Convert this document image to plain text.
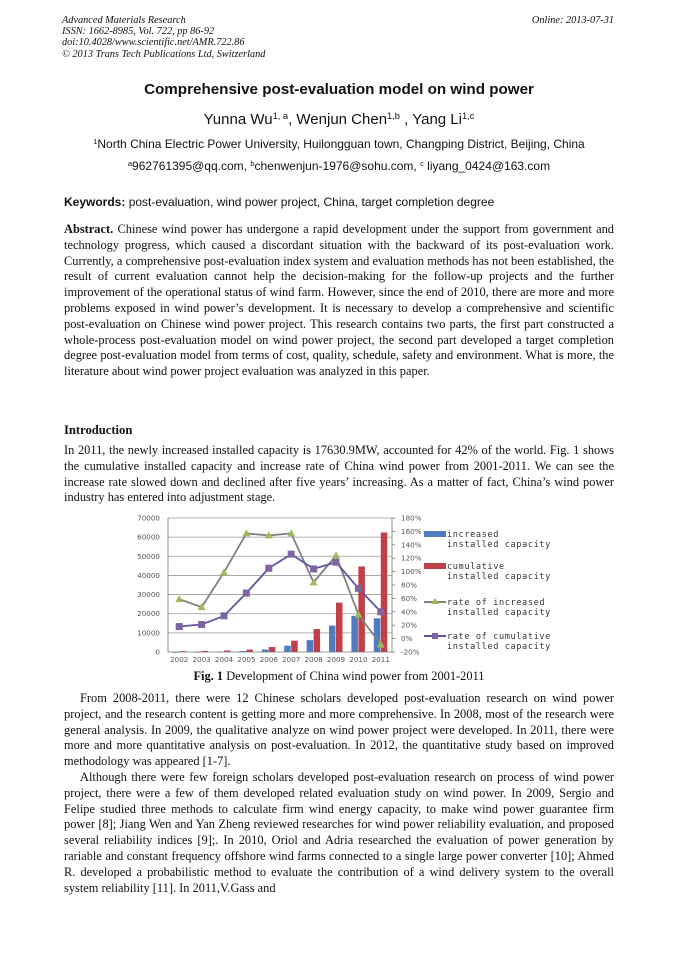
Advanced Materials Research
ISSN: 1662-8985, Vol. 722, pp 86-92
doi:10.4028/www.scientific.net/AMR.722.86
© 2013 Trans Tech Publications Ltd, Switzerland
Online: 2013-07-31
Comprehensive post-evaluation model on wind power
Yunna Wu$^{1, a}$, Wenjun Chen$^{1,b}$ , Yang Li$^{1,c}$
$^1$North China Electric Power University, Huilongguan town, Changping District, Beijing, China
$^a$962761395@qq.com, $^b$chenwenjun-1976@sohu.com, $^c$ liyang_0424@163.com
Keywords: post-evaluation, wind power project, China, target completion degree
Abstract. Chinese wind power has undergone a rapid development under the support from government and technology progress, which caused a discordant situation with the backward of its post-evaluation work. Currently, a comprehensive post-evaluation index system and evaluation methods has not been established, the result of current evaluation cannot help the decision-making for the follow-up projects and the further improvement of the operational status of wind farm. However, since the end of 2010, there are more and more problems exposed in wind power’s development. It is necessary to develop a comprehensive and scientific post-evaluation on Chinese wind power project. This research contains two parts, the first part constructed a whole-process post-evaluation model on wind power project, the second part developed a target completion degree post-evaluation model from terms of cost, quality, schedule, safety and environment. What is more, the literature about wind power project evaluation was analyzed in this paper.
Introduction
In 2011, the newly increased installed capacity is 17630.9MW, accounted for 42% of the world. Fig. 1 shows the cumulative installed capacity and increase rate of China wind power from 2001-2011. We can see the increase rate slowed down and declined after five years’ increasing. As a matter of fact, China’s wind power industry has entered into adjustment stage.
0
10000
20000
30000
40000
50000
60000
70000
-20%
0%
20%
40%
60%
80%
100%
120%
140%
160%
180%
2002 2003 2004 2005 2006 2007 2008 2009 2010 2011
increased
installed capacity
cumulative
installed capacity
rate of increased
installed capacity
rate of cumulative
installed capacity
Fig. 1 Development of China wind power from 2001-2011
From 2008-2011, there were 12 Chinese scholars developed post-evaluation research on wind power project, and the research content is getting more and more comprehensive. In 2008, most of the research were general analysis. In 2009, the qualitative analyze on wind power project were developed. In 2011, there were more and more quantitative analysis on post-evaluation. In 2012, the quantitative study based on improved methodology was appeared [1-7].
Although there were few foreign scholars developed post-evaluation research on process of wind power project, there were a few of them developed related evaluation study on wind power. In 2009, Sergio and Felipe studied three methods to calculate firm wind energy capacity, to make wind power guarantee firm power [8]; Jiang Wen and Yan Zheng reviewed researches for wind power reliability evaluation, and proposed several reliability indices [9];. In 2010, Oriol and Adria researched the evaluation of power generation by rariable and constant frequency offshore wind farms connected to a single large power converter [10]; Ahmed R. developed a probabilistic method to evaluate the contribution of a wind delivery system to the overall system reliability [11]. In 2011,V.Gass and
